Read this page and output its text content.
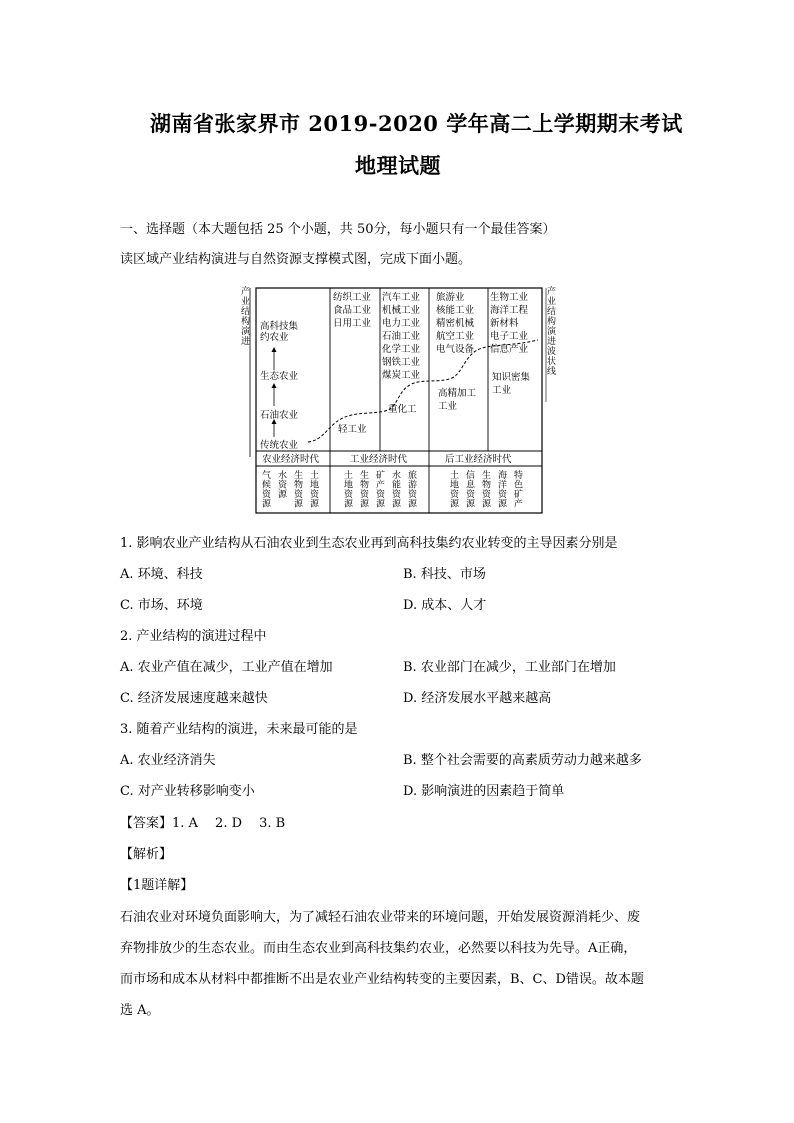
湖南省张家界市 2019-2020 学年高二上学期期末考试
地理试题
一、选择题（本大题包括 25 个小题，共 50分，每小题只有一个最佳答案）
读区域产业结构演进与自然资源支撑模式图，完成下面小题。
高科技集
约农业
生态农业
石油农业
传统农业
纺织工业
食品工业
日用工业
汽车工业
机械工业
电力工业
石油工业
化学工业
钢铁工业
煤炭工业
旅游业
核能工业
精密机械
航空工业
电气设备
生物工业
海洋工程
新材料
电子工业
信息产业
轻工业
重化工
高精加工
工业
知识密集
工业
农业经济时代	工业经济时代	后工业经济时代
产业结构演进
产业结构演进波状线
气候资源
水资源
生物资源
土地资源
土地资源
生物资源
矿产资源
水能资源
旅游资源
土地资源
信息资源
生物资源
海洋资源
特色矿产
1. 影响农业产业结构从石油农业到生态农业再到高科技集约农业转变的主导因素分别是
A. 环境、科技	B. 科技、市场
C. 市场、环境	D. 成本、人才
2. 产业结构的演进过程中
A. 农业产值在减少，工业产值在增加	B. 农业部门在减少，工业部门在增加
C. 经济发展速度越来越快	D. 经济发展水平越来越高
3. 随着产业结构的演进，未来最可能的是
A. 农业经济消失	B. 整个社会需要的高素质劳动力越来越多
C. 对产业转移影响变小	D. 影响演进的因素趋于简单
【答案】1. A　 2. D　 3. B
【解析】
【1题详解】
石油农业对环境负面影响大，为了减轻石油农业带来的环境问题，开始发展资源消耗少、废
弃物排放少的生态农业。而由生态农业到高科技集约农业，必然要以科技为先导。A正确，
而市场和成本从材料中都推断不出是农业产业结构转变的主要因素，B、C、D错误。故本题
选 A。
